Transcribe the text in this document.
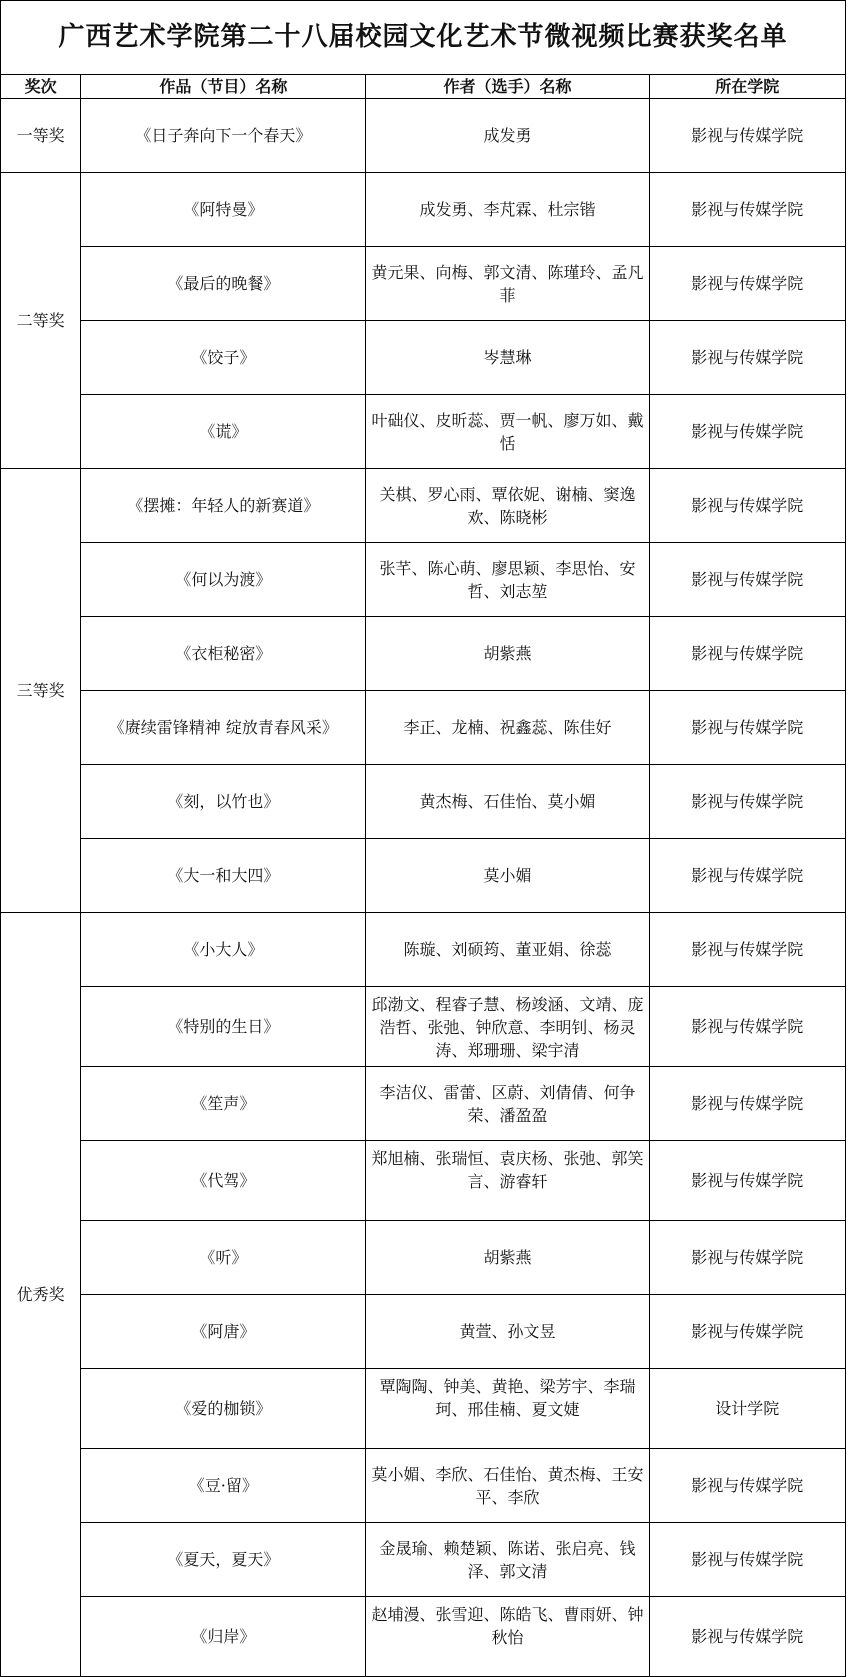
广西艺术学院第二十八届校园文化艺术节微视频比赛获奖名单			
奖次	作品（节目）名称	作者（选手）名称	所在学院
一等奖	《日子奔向下一个春天》	成发勇	影视与传媒学院
二等奖	《阿特曼》	成发勇、李芃霖、杜宗锴	影视与传媒学院
	《最后的晚餐》	黄元果、向梅、郭文清、陈瑾玲、孟凡菲	影视与传媒学院
	《饺子》	岑慧琳	影视与传媒学院
	《谎》	叶础仪、皮昕蕊、贾一帆、廖万如、戴恬	影视与传媒学院
三等奖	《摆摊：年轻人的新赛道》	关棋、罗心雨、覃依妮、谢楠、窦逸欢、陈晓彬	影视与传媒学院
	《何以为渡》	张芊、陈心萌、廖思颖、李思怡、安哲、刘志堃	影视与传媒学院
	《衣柜秘密》	胡紫燕	影视与传媒学院
	《赓续雷锋精神 绽放青春风采》	李正、龙楠、祝鑫蕊、陈佳好	影视与传媒学院
	《刻，以竹也》	黄杰梅、石佳怡、莫小媚	影视与传媒学院
	《大一和大四》	莫小媚	影视与传媒学院
优秀奖	《小大人》	陈璇、刘硕筠、董亚娟、徐蕊	影视与传媒学院
	《特别的生日》	邱渤文、程睿子慧、杨竣涵、文靖、庞浩哲、张弛、钟欣意、李明钊、杨灵涛、郑珊珊、梁宇清	影视与传媒学院
	《笙声》	李洁仪、雷蕾、区蔚、刘倩倩、何争荣、潘盈盈	影视与传媒学院
	《代驾》	郑旭楠、张瑞恒、袁庆杨、张弛、郭笑言、游睿轩	影视与传媒学院
	《听》	胡紫燕	影视与传媒学院
	《阿唐》	黄萱、孙文昱	影视与传媒学院
	《爱的枷锁》	覃陶陶、钟美、黄艳、梁芳宇、李瑞珂、邢佳楠、夏文婕	设计学院
	《豆·留》	莫小媚、李欣、石佳怡、黄杰梅、王安平、李欣	影视与传媒学院
	《夏天，夏天》	金晟瑜、赖楚颖、陈诺、张启亮、钱泽、郭文清	影视与传媒学院
	《归岸》	赵埔漫、张雪迎、陈皓飞、曹雨妍、钟秋怡	影视与传媒学院
